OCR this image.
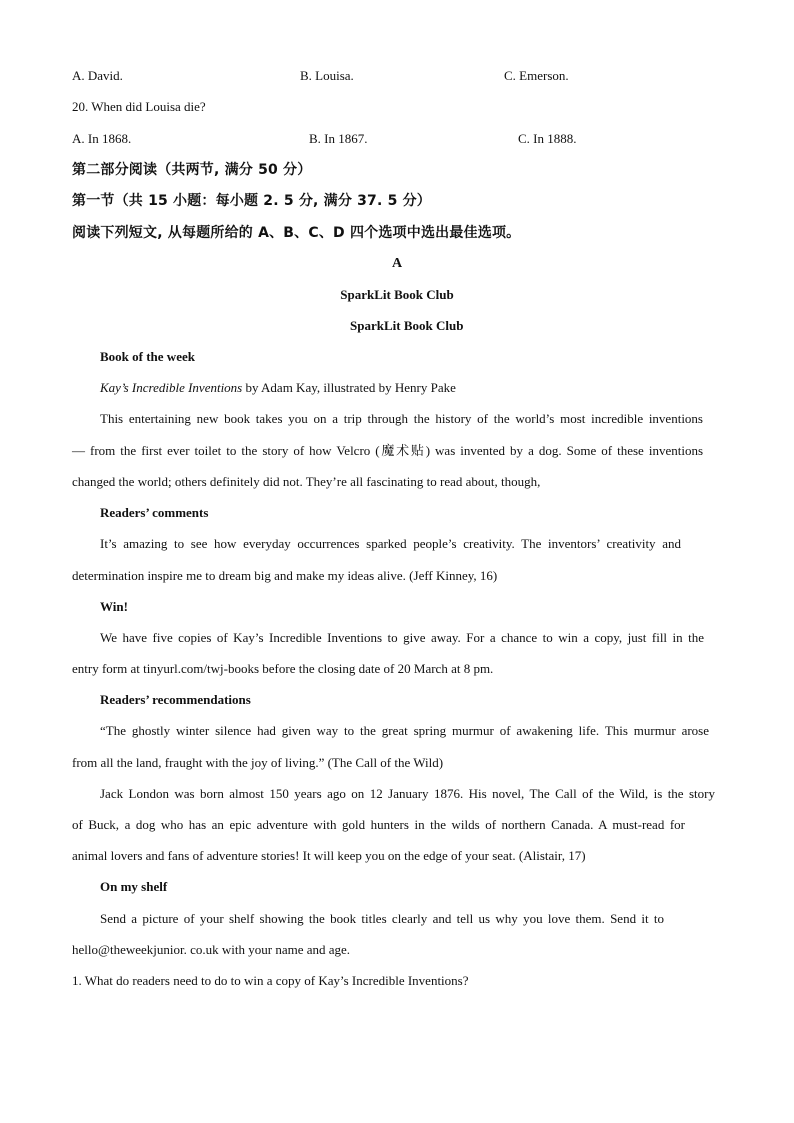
A. David.	B. Louisa.	C. Emerson.
20. When did Louisa die?
A. In 1868.	B. In 1867.	C. In 1888.
第二部分阅读（共两节, 满分 50 分）
第一节（共 15 小题：每小题 2. 5 分, 满分 37. 5 分）
阅读下列短文, 从每题所给的 A、B、C、D 四个选项中选出最佳选项。
A
SparkLit Book Club
SparkLit Book Club
Book of the week
Kay’s Incredible Inventions by Adam Kay, illustrated by Henry Pake
This entertaining new book takes you on a trip through the history of the world’s most incredible inventions
— from the first ever toilet to the story of how Velcro (魔术贴) was invented by a dog. Some of these inventions
changed the world; others definitely did not. They’re all fascinating to read about, though,
Readers’ comments
It’s amazing to see how everyday occurrences sparked people’s creativity. The inventors’ creativity and
determination inspire me to dream big and make my ideas alive. (Jeff Kinney, 16)
Win!
We have five copies of Kay’s Incredible Inventions to give away. For a chance to win a copy, just fill in the
entry form at tinyurl.com/twj-books before the closing date of 20 March at 8 pm.
Readers’ recommendations
“The ghostly winter silence had given way to the great spring murmur of awakening life. This murmur arose
from all the land, fraught with the joy of living.” (The Call of the Wild)
Jack London was born almost 150 years ago on 12 January 1876. His novel, The Call of the Wild, is the story
of Buck, a dog who has an epic adventure with gold hunters in the wilds of northern Canada. A must-read for
animal lovers and fans of adventure stories! It will keep you on the edge of your seat. (Alistair, 17)
On my shelf
Send a picture of your shelf showing the book titles clearly and tell us why you love them. Send it to
hello@theweekjunior. co.uk with your name and age.
1. What do readers need to do to win a copy of Kay’s Incredible Inventions?
